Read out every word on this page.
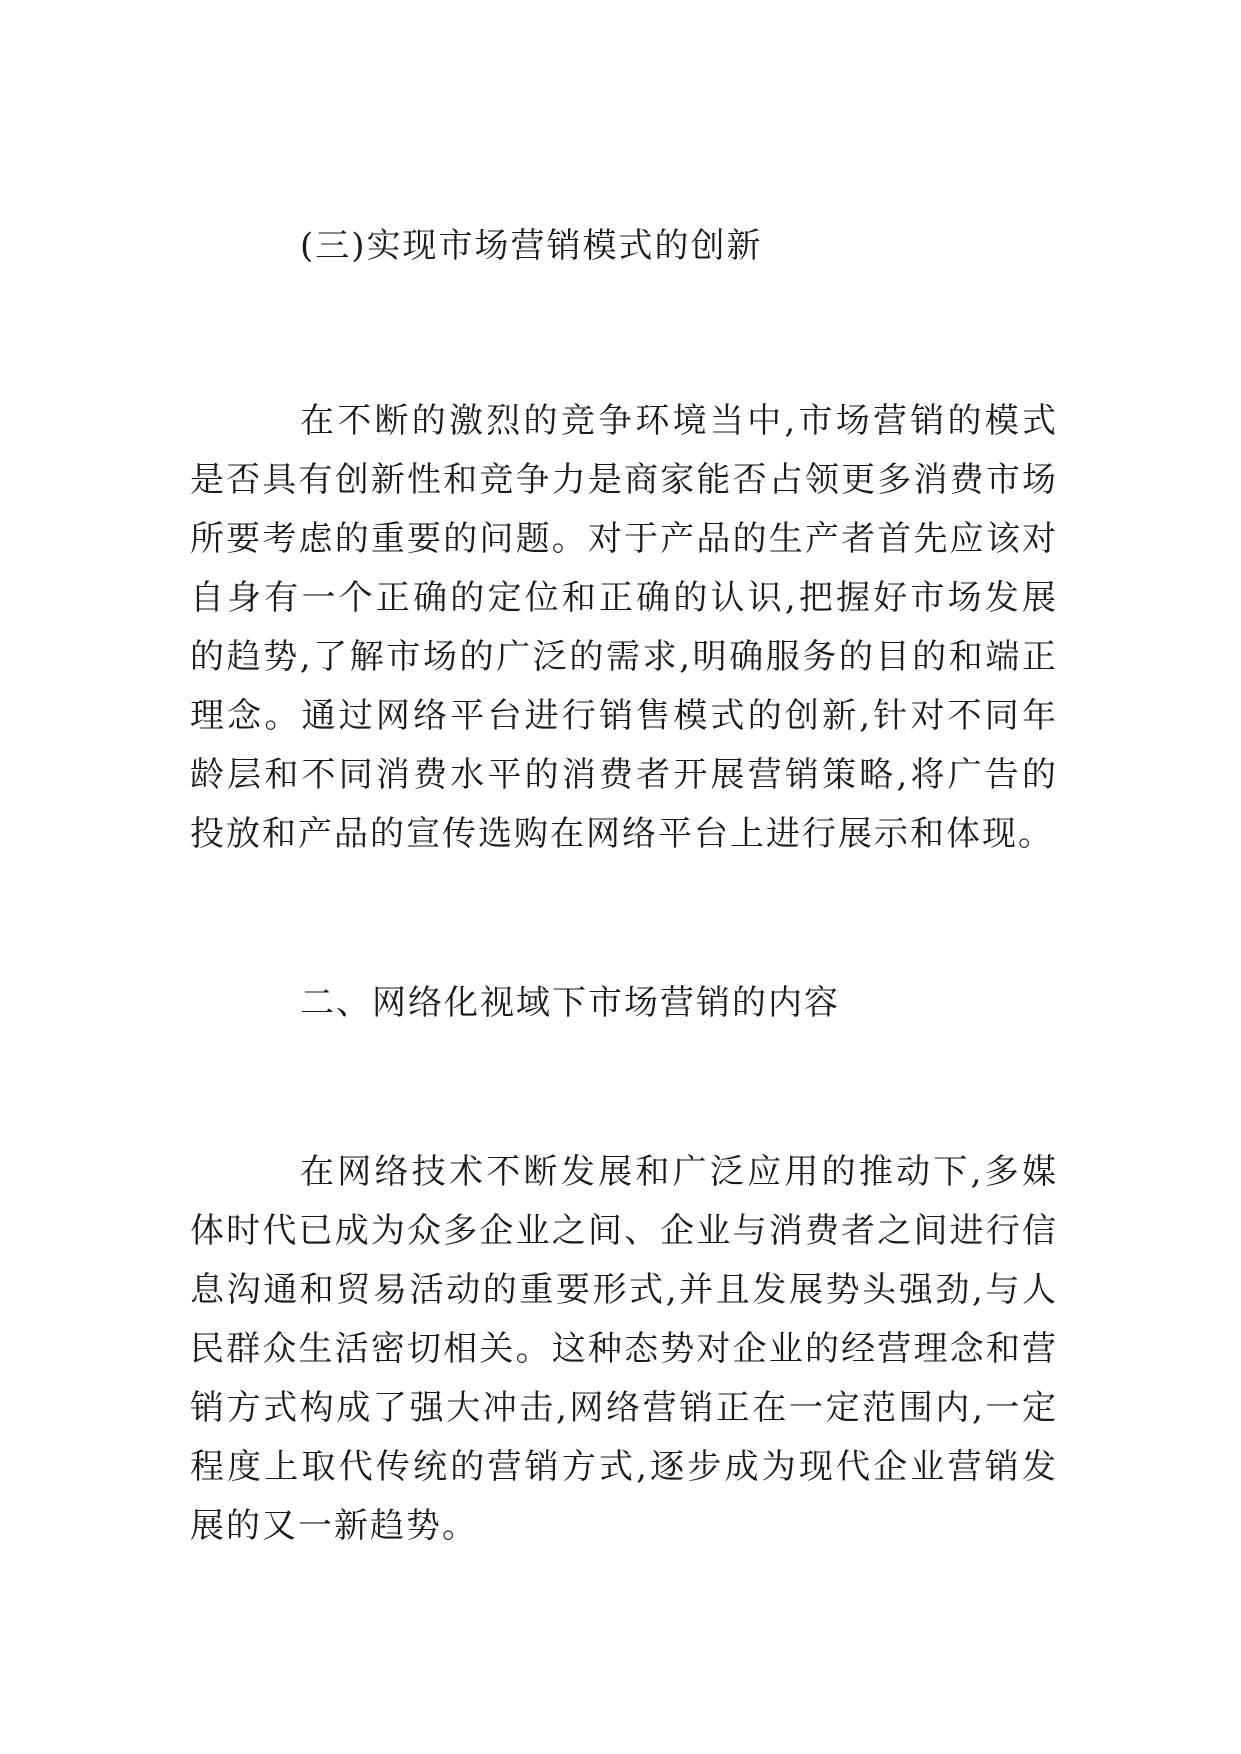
(三)实现市场营销模式的创新

在不断的激烈的竞争环境当中,市场营销的模式是否具有创新性和竞争力是商家能否占领更多消费市场所要考虑的重要的问题。对于产品的生产者首先应该对自身有一个正确的定位和正确的认识,把握好市场发展的趋势,了解市场的广泛的需求,明确服务的目的和端正理念。通过网络平台进行销售模式的创新,针对不同年龄层和不同消费水平的消费者开展营销策略,将广告的投放和产品的宣传选购在网络平台上进行展示和体现。

二、网络化视域下市场营销的内容

在网络技术不断发展和广泛应用的推动下,多媒体时代已成为众多企业之间、企业与消费者之间进行信息沟通和贸易活动的重要形式,并且发展势头强劲,与人民群众生活密切相关。这种态势对企业的经营理念和营销方式构成了强大冲击,网络营销正在一定范围内,一定程度上取代传统的营销方式,逐步成为现代企业营销发展的又一新趋势。
